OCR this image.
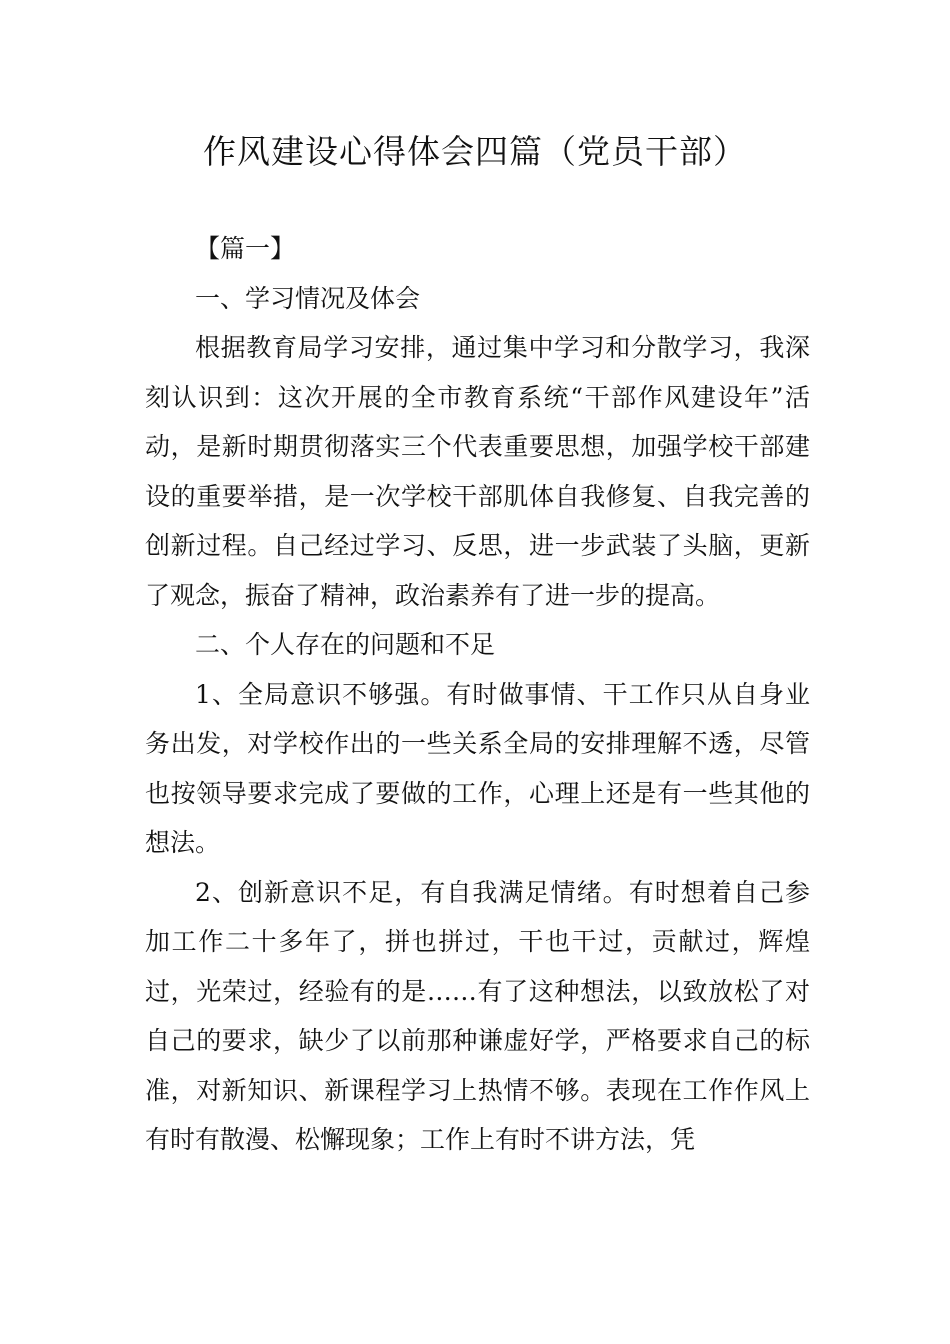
作风建设心得体会四篇（党员干部）

【篇一】

一、学习情况及体会

根据教育局学习安排，通过集中学习和分散学习，我深刻认识到：这次开展的全市教育系统“干部作风建设年”活动，是新时期贯彻落实三个代表重要思想，加强学校干部建设的重要举措，是一次学校干部肌体自我修复、自我完善的创新过程。自己经过学习、反思，进一步武装了头脑，更新了观念，振奋了精神，政治素养有了进一步的提高。

二、个人存在的问题和不足

1、全局意识不够强。有时做事情、干工作只从自身业务出发，对学校作出的一些关系全局的安排理解不透，尽管也按领导要求完成了要做的工作，心理上还是有一些其他的想法。

2、创新意识不足，有自我满足情绪。有时想着自己参加工作二十多年了，拼也拼过，干也干过，贡献过，辉煌过，光荣过，经验有的是……有了这种想法，以致放松了对自己的要求，缺少了以前那种谦虚好学，严格要求自己的标准，对新知识、新课程学习上热情不够。表现在工作作风上有时有散漫、松懈现象；工作上有时不讲方法，凭
